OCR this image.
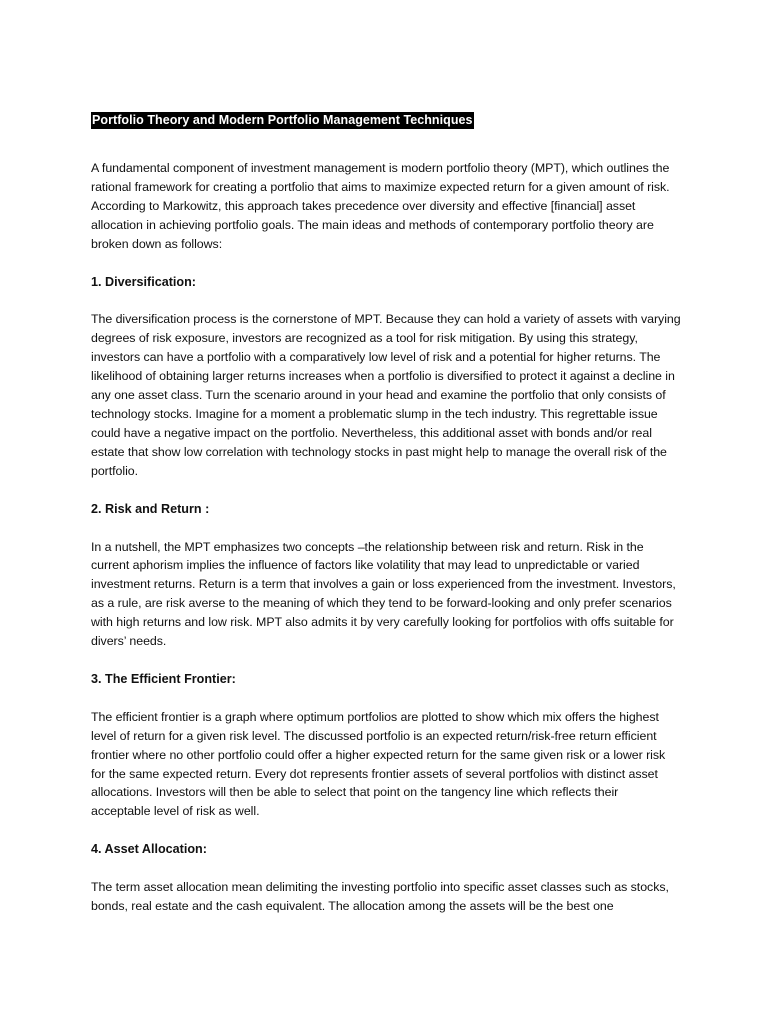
Portfolio Theory and Modern Portfolio Management Techniques

A fundamental component of investment management is modern portfolio theory (MPT), which outlines the rational framework for creating a portfolio that aims to maximize expected return for a given amount of risk. According to Markowitz, this approach takes precedence over diversity and effective [financial] asset allocation in achieving portfolio goals. The main ideas and methods of contemporary portfolio theory are broken down as follows:

1. Diversification:

The diversification process is the cornerstone of MPT. Because they can hold a variety of assets with varying degrees of risk exposure, investors are recognized as a tool for risk mitigation. By using this strategy, investors can have a portfolio with a comparatively low level of risk and a potential for higher returns. The likelihood of obtaining larger returns increases when a portfolio is diversified to protect it against a decline in any one asset class. Turn the scenario around in your head and examine the portfolio that only consists of technology stocks. Imagine for a moment a problematic slump in the tech industry. This regrettable issue could have a negative impact on the portfolio. Nevertheless, this additional asset with bonds and/or real estate that show low correlation with technology stocks in past might help to manage the overall risk of the portfolio.

2. Risk and Return :

In a nutshell, the MPT emphasizes two concepts –the relationship between risk and return. Risk in the current aphorism implies the influence of factors like volatility that may lead to unpredictable or varied investment returns. Return is a term that involves a gain or loss experienced from the investment. Investors, as a rule, are risk averse to the meaning of which they tend to be forward-looking and only prefer scenarios with high returns and low risk. MPT also admits it by very carefully looking for portfolios with offs suitable for divers’ needs.

3. The Efficient Frontier:

The efficient frontier is a graph where optimum portfolios are plotted to show which mix offers the highest level of return for a given risk level. The discussed portfolio is an expected return/risk-free return efficient frontier where no other portfolio could offer a higher expected return for the same given risk or a lower risk for the same expected return. Every dot represents frontier assets of several portfolios with distinct asset allocations. Investors will then be able to select that point on the tangency line which reflects their acceptable level of risk as well.

4. Asset Allocation:

The term asset allocation mean delimiting the investing portfolio into specific asset classes such as stocks, bonds, real estate and the cash equivalent. The allocation among the assets will be the best one
